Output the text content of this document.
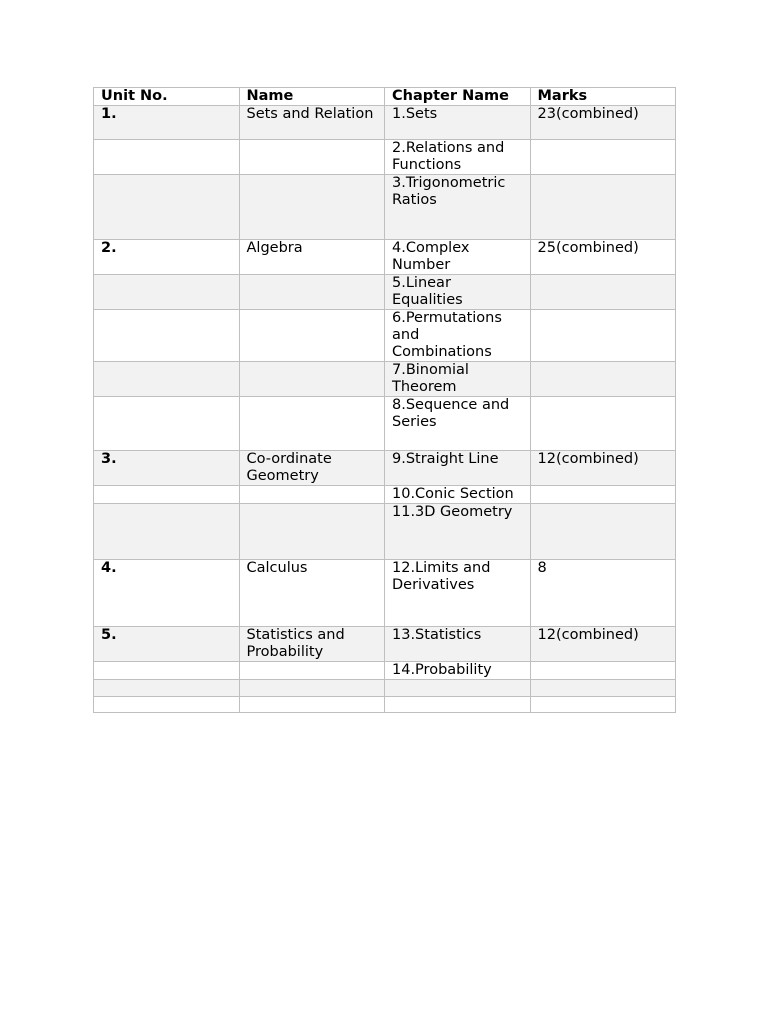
Unit No.	Name	Chapter Name	Marks
1.	Sets and Relation	1.Sets	23(combined)
		2.Relations and Functions	
		3.Trigonometric Ratios	
2.	Algebra	4.Complex Number	25(combined)
		5.Linear Equalities	
		6.Permutations and Combinations	
		7.Binomial Theorem	
		8.Sequence and Series	
3.	Co-ordinate Geometry	9.Straight Line	12(combined)
		10.Conic Section	
		11.3D Geometry	
4.	Calculus	12.Limits and Derivatives	8
5.	Statistics and Probability	13.Statistics	12(combined)
		14.Probability	
